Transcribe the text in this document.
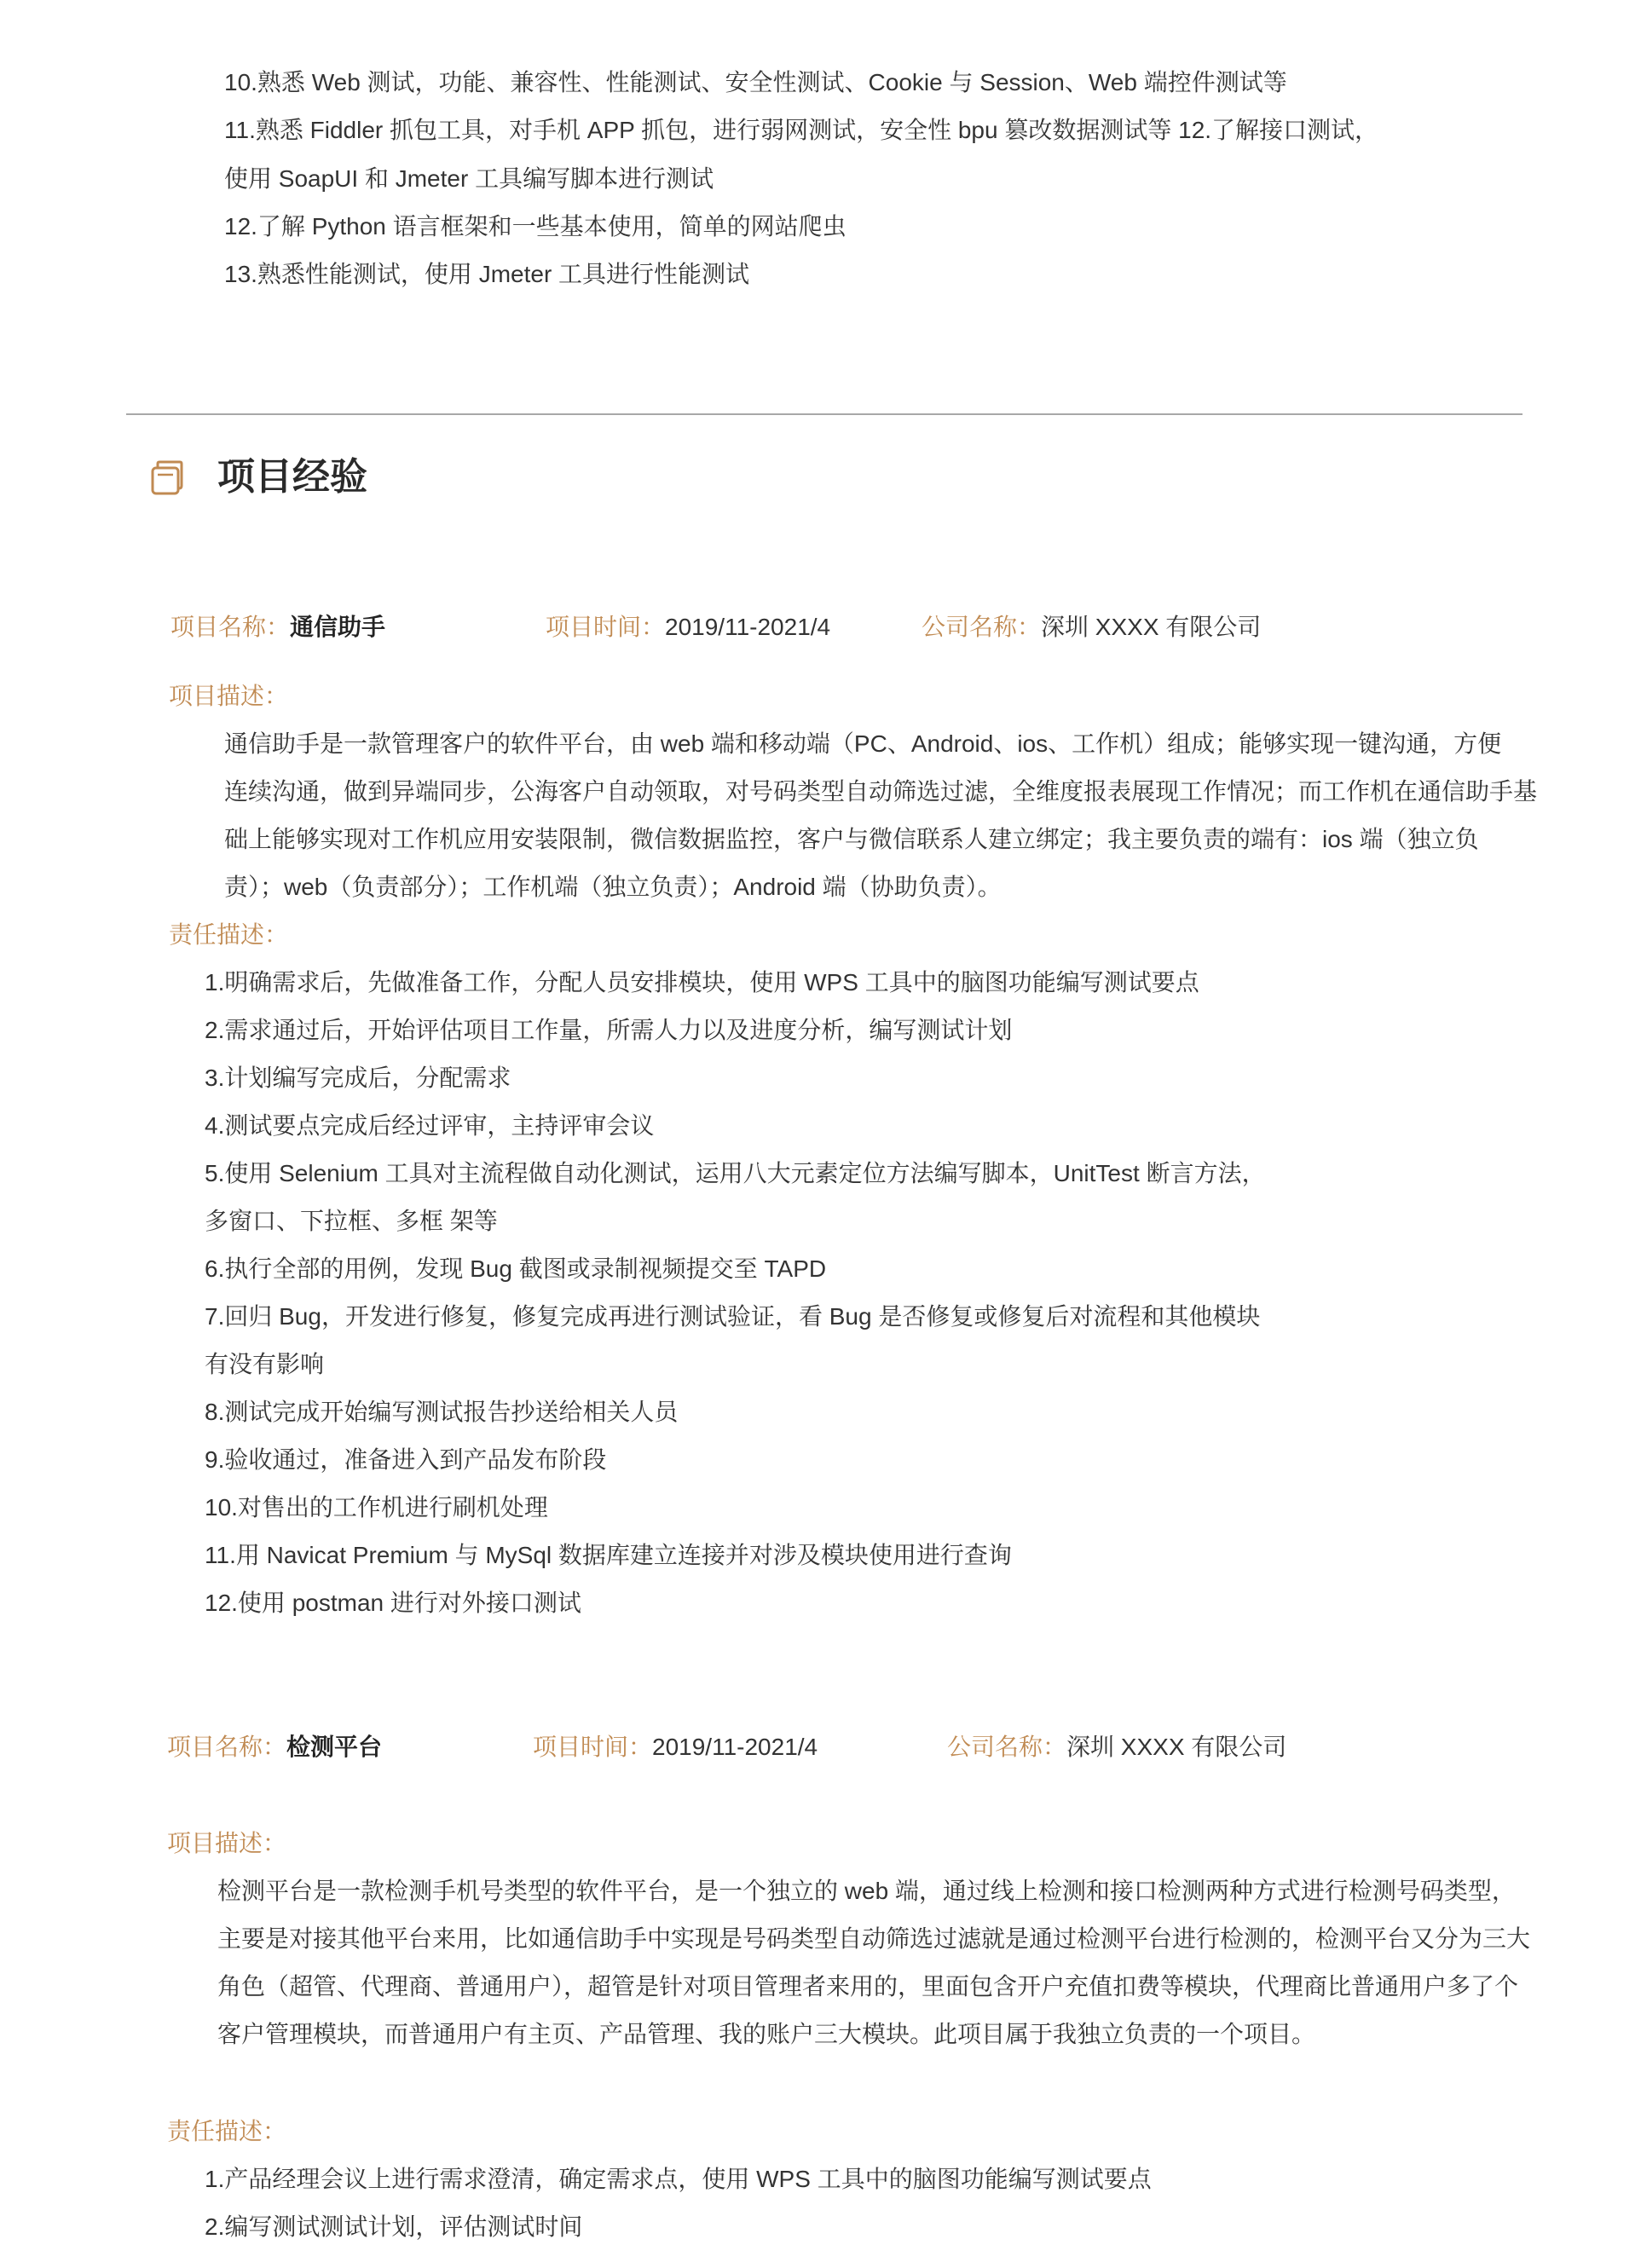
10.熟悉 Web 测试，功能、兼容性、性能测试、安全性测试、Cookie 与 Session、Web 端控件测试等
11.熟悉 Fiddler 抓包工具，对手机 APP 抓包，进行弱网测试，安全性 bpu 篡改数据测试等 12.了解接口测试，
使用 SoapUI 和 Jmeter 工具编写脚本进行测试
12.了解 Python 语言框架和一些基本使用，简单的网站爬虫
13.熟悉性能测试，使用 Jmeter 工具进行性能测试
项目经验
项目名称：通信助手	项目时间：2019/11-2021/4	公司名称：深圳 XXXX 有限公司
项目描述：
通信助手是一款管理客户的软件平台，由 web 端和移动端（PC、Android、ios、工作机）组成；能够实现一键沟通，方便
连续沟通，做到异端同步，公海客户自动领取，对号码类型自动筛选过滤，全维度报表展现工作情况；而工作机在通信助手基
础上能够实现对工作机应用安装限制，微信数据监控，客户与微信联系人建立绑定；我主要负责的端有：ios 端（独立负
责）；web（负责部分）；工作机端（独立负责）；Android 端（协助负责）。
责任描述：
1.明确需求后，先做准备工作，分配人员安排模块，使用 WPS 工具中的脑图功能编写测试要点
2.需求通过后，开始评估项目工作量，所需人力以及进度分析，编写测试计划
3.计划编写完成后，分配需求
4.测试要点完成后经过评审，主持评审会议
5.使用 Selenium 工具对主流程做自动化测试，运用八大元素定位方法编写脚本，UnitTest 断言方法，
多窗口、下拉框、多框 架等
6.执行全部的用例，发现 Bug 截图或录制视频提交至 TAPD
7.回归 Bug，开发进行修复，修复完成再进行测试验证，看 Bug 是否修复或修复后对流程和其他模块
有没有影响
8.测试完成开始编写测试报告抄送给相关人员
9.验收通过，准备进入到产品发布阶段
10.对售出的工作机进行刷机处理
11.用 Navicat Premium 与 MySql 数据库建立连接并对涉及模块使用进行查询
12.使用 postman 进行对外接口测试
项目名称：检测平台	项目时间：2019/11-2021/4	公司名称：深圳 XXXX 有限公司
项目描述：
检测平台是一款检测手机号类型的软件平台，是一个独立的 web 端，通过线上检测和接口检测两种方式进行检测号码类型，
主要是对接其他平台来用，比如通信助手中实现是号码类型自动筛选过滤就是通过检测平台进行检测的，检测平台又分为三大
角色（超管、代理商、普通用户），超管是针对项目管理者来用的，里面包含开户充值扣费等模块，代理商比普通用户多了个
客户管理模块，而普通用户有主页、产品管理、我的账户三大模块。此项目属于我独立负责的一个项目。
责任描述：
1.产品经理会议上进行需求澄清，确定需求点，使用 WPS 工具中的脑图功能编写测试要点
2.编写测试测试计划，评估测试时间
